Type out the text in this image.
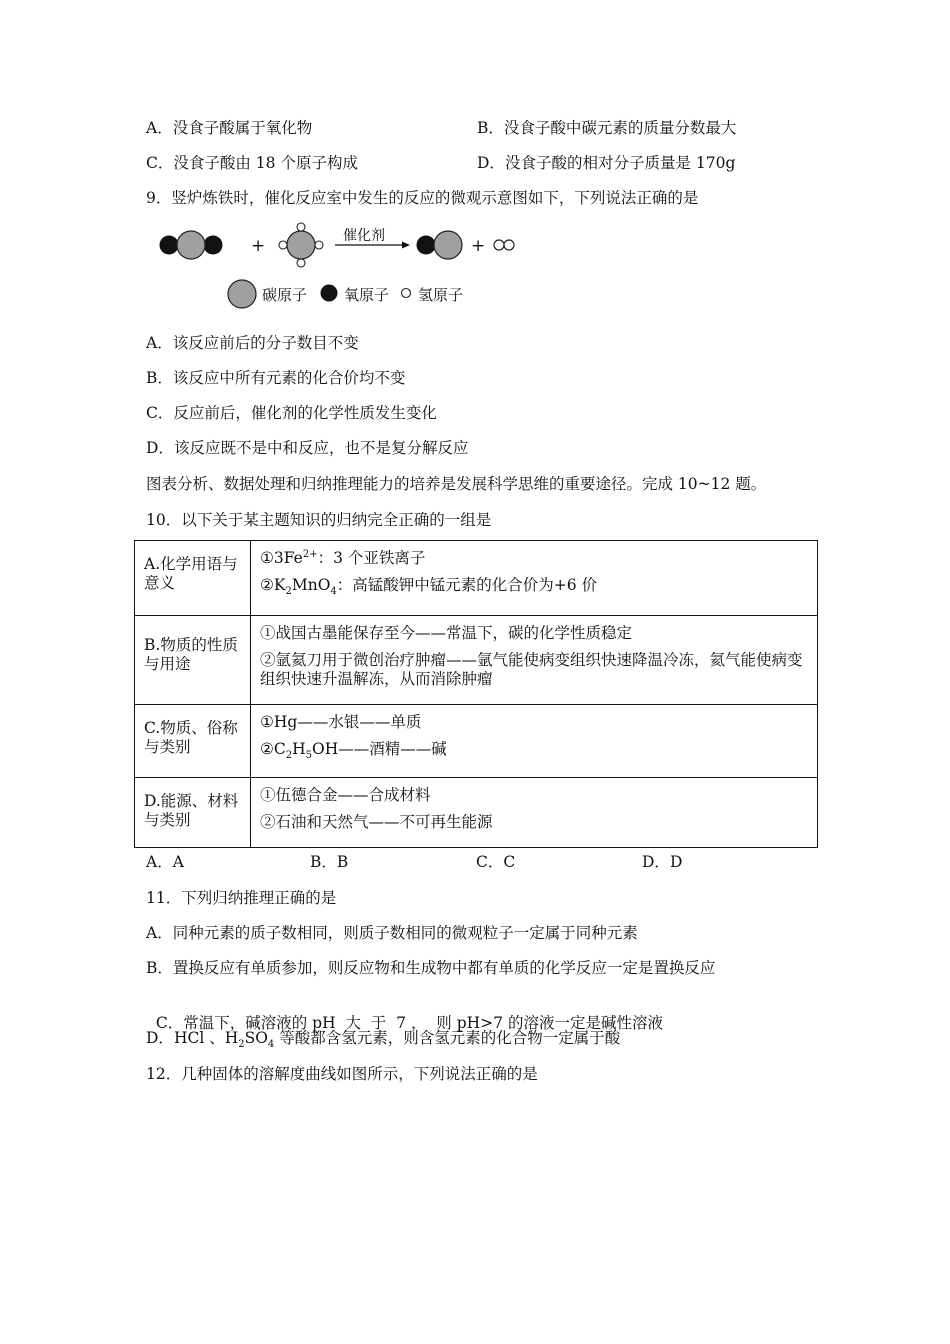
A．没食子酸属于氧化物	B．没食子酸中碳元素的质量分数最大
C．没食子酸由 18 个原子构成	D．没食子酸的相对分子质量是 170g
9．竖炉炼铁时，催化反应室中发生的反应的微观示意图如下，下列说法正确的是
+	催化剂	+
碳原子 氧原子 氢原子
A．该反应前后的分子数目不变
B．该反应中所有元素的化合价均不变
C．反应前后，催化剂的化学性质发生变化
D．该反应既不是中和反应，也不是复分解反应
图表分析、数据处理和归纳推理能力的培养是发展科学思维的重要途径。完成 10~12 题。
10．以下关于某主题知识的归纳完全正确的一组是
A.化学用语与意义	$①3Fe^{2+}$：3 个亚铁离子
$②K_2MnO_4$：高锰酸钾中锰元素的化合价为+6 价

B.物质的性质与用途	①战国古墨能保存至今——常温下，碳的化学性质稳定
②氩氦刀用于微创治疗肿瘤——氩气能使病变组织快速降温冷冻，氦气能使病变组织快速升温解冻，从而消除肿瘤

C.物质、俗称与类别	①Hg——水银——单质
$②C_2H_5OH——$酒精——碱

D.能源、材料与类别	①伍德合金——合成材料
②石油和天然气——不可再生能源
A．A	B．B	C．C	D．D
11．下列归纳推理正确的是
A．同种元素的质子数相同，则质子数相同的微观粒子一定属于同种元素
B．置换反应有单质参加，则反应物和生成物中都有单质的化学反应一定是置换反应

C．常温下，碱溶液的 pH  大  于  7 ，  则 pH>7 的溶液一定是碱性溶液

D．HCl 、$H_2SO_4$ 等酸都含氢元素，则含氢元素的化合物一定属于酸
12．几种固体的溶解度曲线如图所示，下列说法正确的是
